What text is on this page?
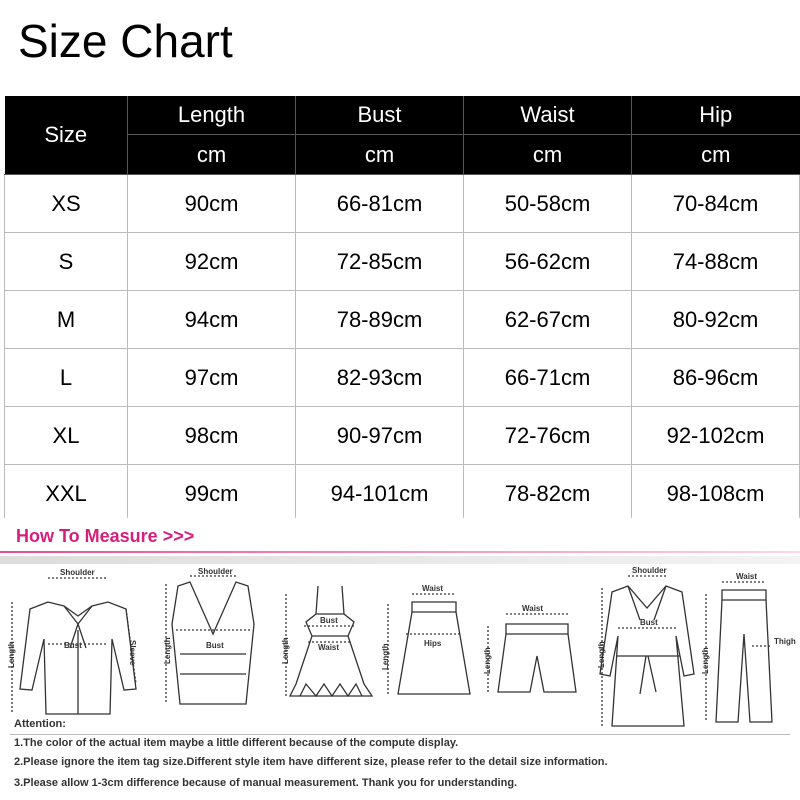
Size Chart
Size	Length	Bust	Waist	Hip
	cm	cm	cm	cm
XS	90cm	66-81cm	50-58cm	70-84cm
S	92cm	72-85cm	56-62cm	74-88cm
M	94cm	78-89cm	62-67cm	80-92cm
L	97cm	82-93cm	66-71cm	86-96cm
XL	98cm	90-97cm	72-76cm	92-102cm
XXL	99cm	94-101cm	78-82cm	98-108cm
How To Measure >>>
Shoulder
Bust
Length	Sleeve
Shoulder
Bust
Length
Bust
Waist
Length
Waist
Hips
Length
Waist
Length
Shoulder
Bust
Length
Waist
Thigh
Length
Attention:
1.The color of the actual item maybe a little different because of the compute display.
2.Please ignore the item tag size.Different style item have different size, please refer to the detail size information.
3.Please allow 1-3cm difference because of manual measurement. Thank you for understanding.
